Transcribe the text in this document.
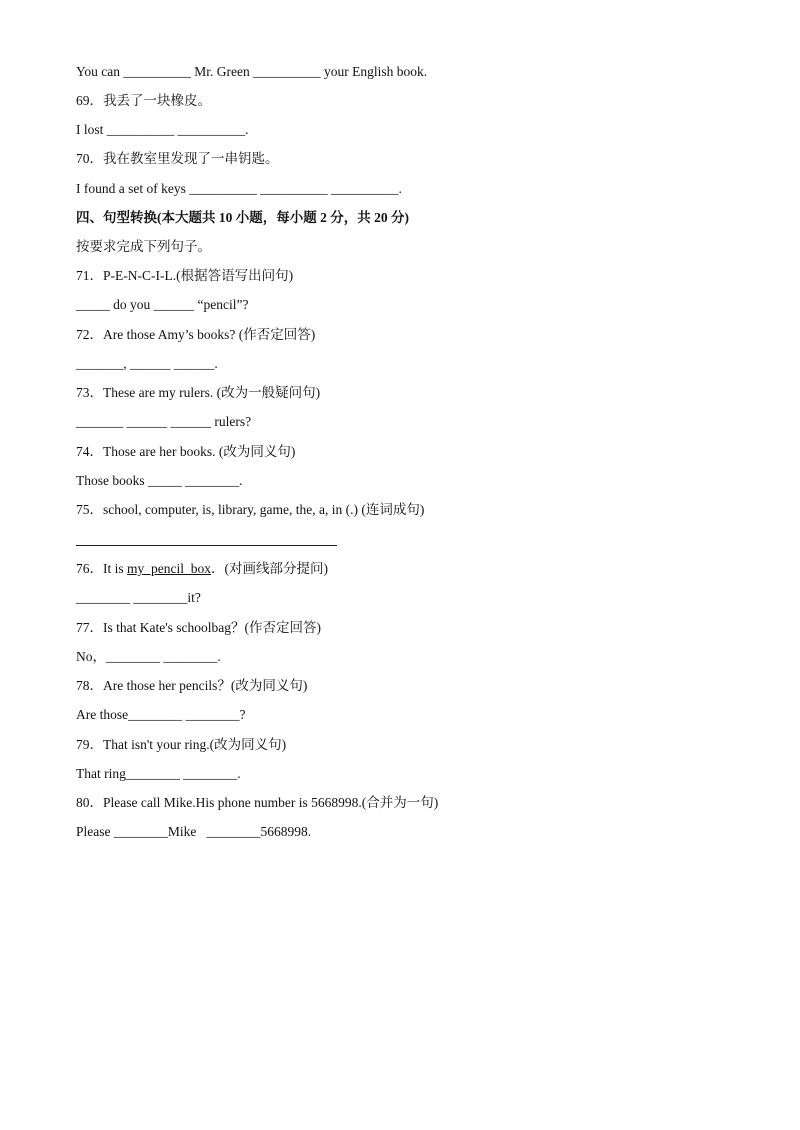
You can __________ Mr. Green __________ your English book.
69．我丢了一块橡皮。
I lost __________ __________.
70．我在教室里发现了一串钥匙。
I found a set of keys __________ __________ __________.
四、句型转换(本大题共 10 小题，每小题 2 分，共 20 分)
按要求完成下列句子。
71．P-E-N-C-I-L.(根据答语写出问句)
_____ do you ______ “pencil”?
72．Are those Amy’s books? (作否定回答)
_______, ______ ______.
73．These are my rulers. (改为一般疑问句)
_______ ______ ______ rulers?
74．Those are her books. (改为同义句)
Those books _____ ________.
75．school, computer, is, library, game, the, a, in (.) (连词成句)
76．It is my  pencil  box．(对画线部分提问)
________ ________it?
77．Is that Kate's schoolbag？(作否定回答)
No，________ ________.
78．Are those her pencils？(改为同义句)
Are those________ ________?
79．That isn't your ring.(改为同义句)
That ring________ ________.
80．Please call Mike.His phone number is 5668998.(合并为一句)
Please ________Mike   ________5668998.
